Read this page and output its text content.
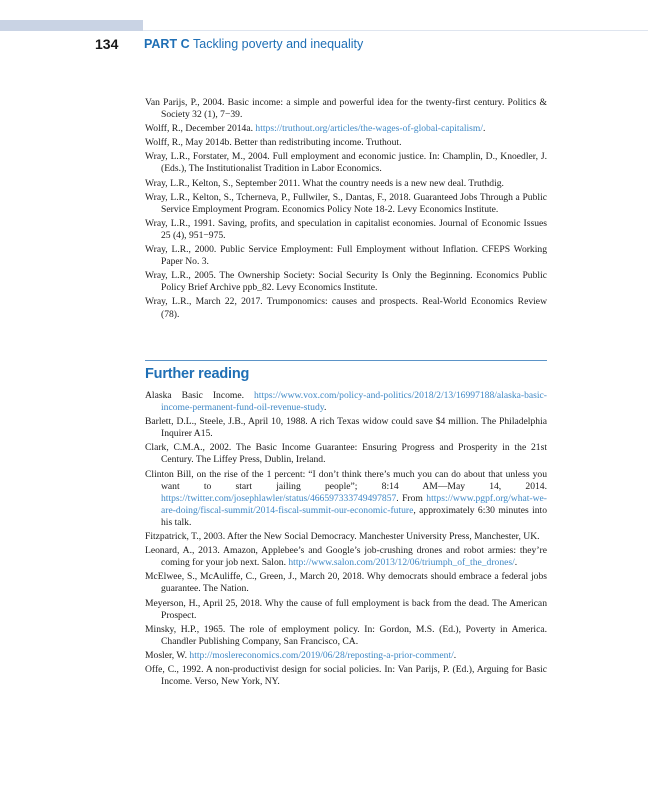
134 PART C Tackling poverty and inequality

Van Parijs, P., 2004. Basic income: a simple and powerful idea for the twenty-first century. Politics & Society 32 (1), 7−39.

Wolff, R., December 2014a. https://truthout.org/articles/the-wages-of-global-capitalism/.

Wolff, R., May 2014b. Better than redistributing income. Truthout.

Wray, L.R., Forstater, M., 2004. Full employment and economic justice. In: Champlin, D., Knoedler, J. (Eds.), The Institutionalist Tradition in Labor Economics.

Wray, L.R., Kelton, S., September 2011. What the country needs is a new new deal. Truthdig.

Wray, L.R., Kelton, S., Tcherneva, P., Fullwiler, S., Dantas, F., 2018. Guaranteed Jobs Through a Public Service Employment Program. Economics Policy Note 18-2. Levy Economics Institute.

Wray, L.R., 1991. Saving, profits, and speculation in capitalist economies. Journal of Economic Issues 25 (4), 951−975.

Wray, L.R., 2000. Public Service Employment: Full Employment without Inflation. CFEPS Working Paper No. 3.

Wray, L.R., 2005. The Ownership Society: Social Security Is Only the Beginning. Economics Public Policy Brief Archive ppb_82. Levy Economics Institute.

Wray, L.R., March 22, 2017. Trumponomics: causes and prospects. Real-World Economics Review (78).

Further reading

Alaska Basic Income. https://www.vox.com/policy-and-politics/2018/2/13/16997188/alaska-basic-income-permanent-fund-oil-revenue-study.

Barlett, D.L., Steele, J.B., April 10, 1988. A rich Texas widow could save $4 million. The Philadelphia Inquirer A15.

Clark, C.M.A., 2002. The Basic Income Guarantee: Ensuring Progress and Prosperity in the 21st Century. The Liffey Press, Dublin, Ireland.

Clinton Bill, on the rise of the 1 percent: “I don’t think there’s much you can do about that unless you want to start jailing people”; 8:14 AM—May 14, 2014. https://twitter.com/josephlawler/status/466597333749497857. From https://www.pgpf.org/what-we-are-doing/fiscal-summit/2014-fiscal-summit-our-economic-future, approximately 6:30 minutes into his talk.

Fitzpatrick, T., 2003. After the New Social Democracy. Manchester University Press, Manchester, UK.

Leonard, A., 2013. Amazon, Applebee’s and Google’s job-crushing drones and robot armies: they’re coming for your job next. Salon. http://www.salon.com/2013/12/06/triumph_of_the_drones/.

McElwee, S., McAuliffe, C., Green, J., March 20, 2018. Why democrats should embrace a federal jobs guarantee. The Nation.

Meyerson, H., April 25, 2018. Why the cause of full employment is back from the dead. The American Prospect.

Minsky, H.P., 1965. The role of employment policy. In: Gordon, M.S. (Ed.), Poverty in America. Chandler Publishing Company, San Francisco, CA.

Mosler, W. http://moslereconomics.com/2019/06/28/reposting-a-prior-comment/.

Offe, C., 1992. A non-productivist design for social policies. In: Van Parijs, P. (Ed.), Arguing for Basic Income. Verso, New York, NY.
